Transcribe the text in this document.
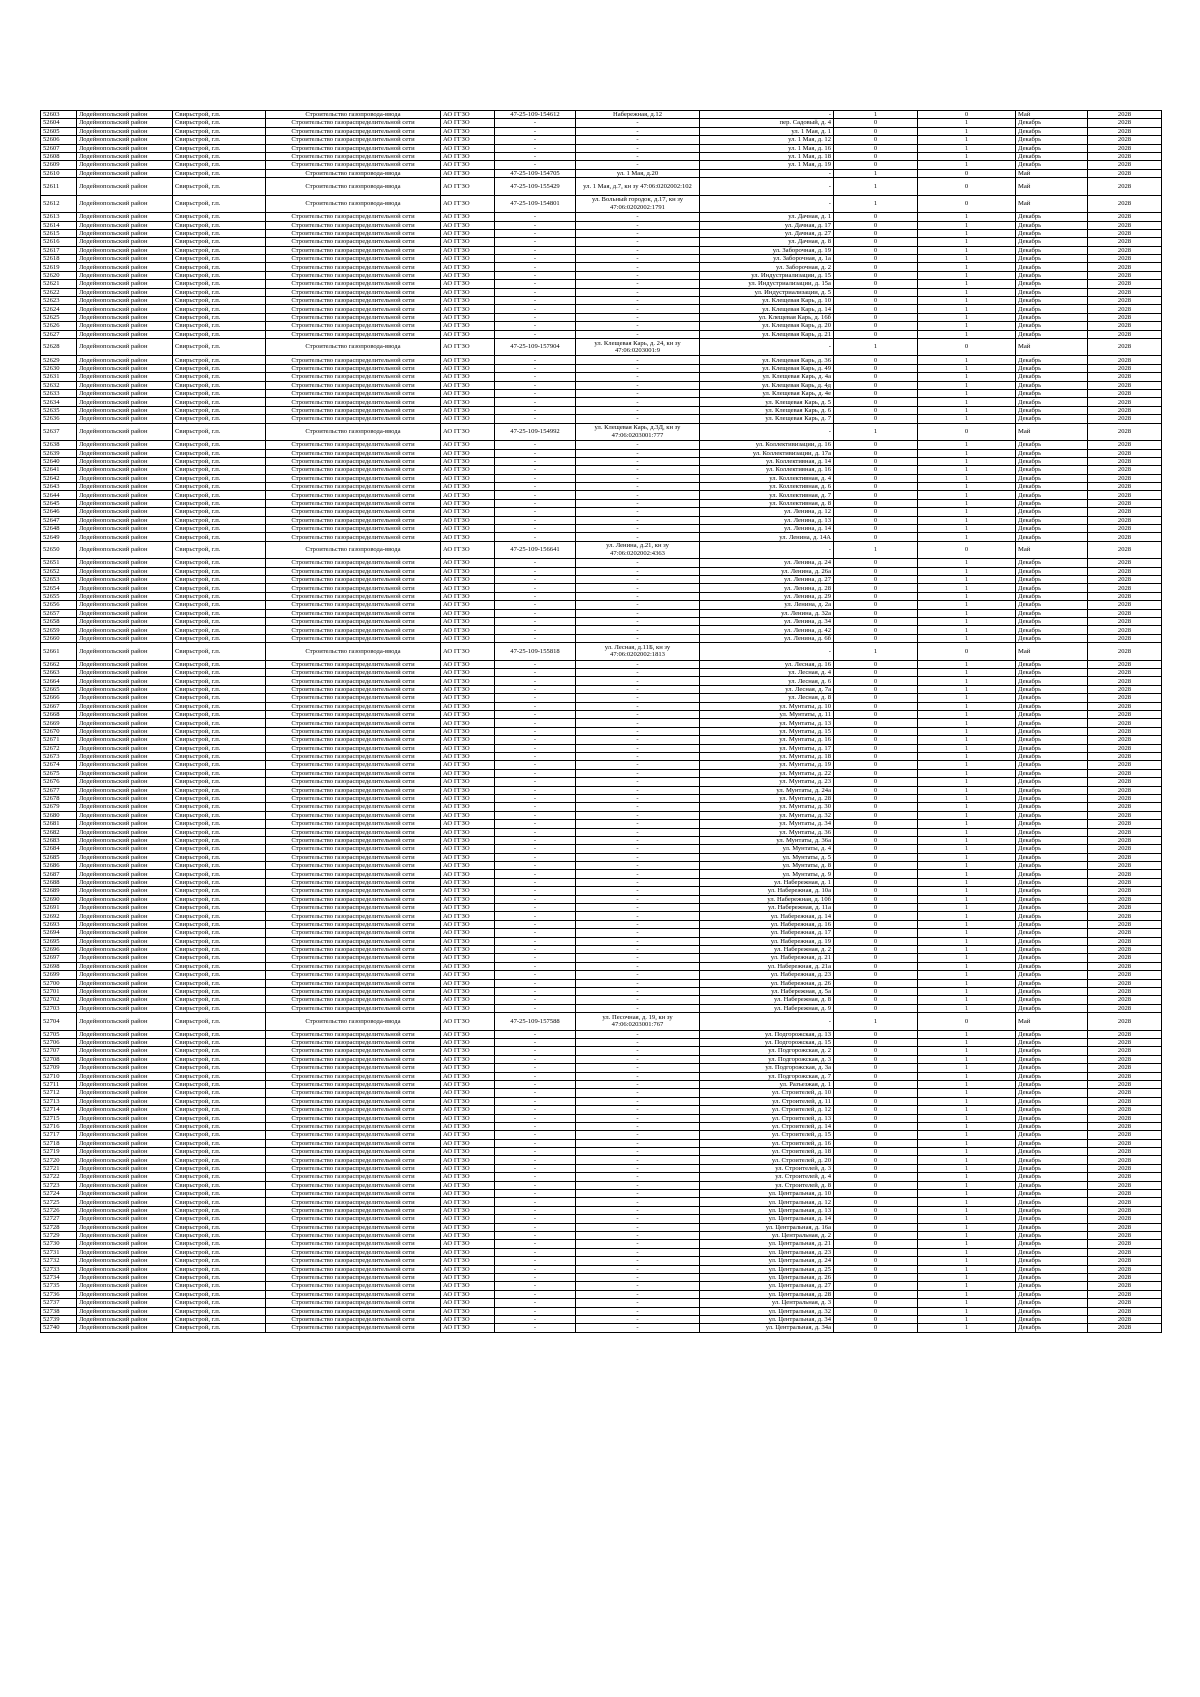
52603	Лодейнопольский район	Свирьстрой, г.п.	Строительство газопровода-ввода	АО ГГЗО	47-25-109-154612	Набережная, д.12	-	1	0	Май	2028
52604	Лодейнопольский район	Свирьстрой, г.п.	Строительство газораспределительной сети	АО ГГЗО	-	-	пер. Садовый, д. 4	0	1	Декабрь	2028
52605	Лодейнопольский район	Свирьстрой, г.п.	Строительство газораспределительной сети	АО ГГЗО	-	-	ул. 1 Мая, д. 1	0	1	Декабрь	2028
52606	Лодейнопольский район	Свирьстрой, г.п.	Строительство газораспределительной сети	АО ГГЗО	-	-	ул. 1 Мая, д. 12	0	1	Декабрь	2028
52607	Лодейнопольский район	Свирьстрой, г.п.	Строительство газораспределительной сети	АО ГГЗО	-	-	ул. 1 Мая, д. 16	0	1	Декабрь	2028
52608	Лодейнопольский район	Свирьстрой, г.п.	Строительство газораспределительной сети	АО ГГЗО	-	-	ул. 1 Мая, д. 18	0	1	Декабрь	2028
52609	Лодейнопольский район	Свирьстрой, г.п.	Строительство газораспределительной сети	АО ГГЗО	-	-	ул. 1 Мая, д. 19	0	1	Декабрь	2028
52610	Лодейнопольский район	Свирьстрой, г.п.	Строительство газопровода-ввода	АО ГГЗО	47-25-109-154705	ул. 1 Мая, д.20	-	1	0	Май	2028
52611	Лодейнопольский район	Свирьстрой, г.п.	Строительство газопровода-ввода	АО ГГЗО	47-25-109-155429	ул. 1 Мая, д.7, кн зу 47:06:0202002:102	-	1	0	Май	2028
52612	Лодейнопольский район	Свирьстрой, г.п.	Строительство газопровода-ввода	АО ГГЗО	47-25-109-154801	ул. Вольный городок, д.17, кн зу 47:06:0202002:1791	-	1	0	Май	2028
52613	Лодейнопольский район	Свирьстрой, г.п.	Строительство газораспределительной сети	АО ГГЗО	-	-	ул. Дачная, д. 1	0	1	Декабрь	2028
52614	Лодейнопольский район	Свирьстрой, г.п.	Строительство газораспределительной сети	АО ГГЗО	-	-	ул. Дачная, д. 17	0	1	Декабрь	2028
52615	Лодейнопольский район	Свирьстрой, г.п.	Строительство газораспределительной сети	АО ГГЗО	-	-	ул. Дачная, д. 27	0	1	Декабрь	2028
52616	Лодейнопольский район	Свирьстрой, г.п.	Строительство газораспределительной сети	АО ГГЗО	-	-	ул. Дачная, д. 8	0	1	Декабрь	2028
52617	Лодейнопольский район	Свирьстрой, г.п.	Строительство газораспределительной сети	АО ГГЗО	-	-	ул. Заборочная, д. 19	0	1	Декабрь	2028
52618	Лодейнопольский район	Свирьстрой, г.п.	Строительство газораспределительной сети	АО ГГЗО	-	-	ул. Заборочная, д. 1а	0	1	Декабрь	2028
52619	Лодейнопольский район	Свирьстрой, г.п.	Строительство газораспределительной сети	АО ГГЗО	-	-	ул. Заборочная, д. 2	0	1	Декабрь	2028
52620	Лодейнопольский район	Свирьстрой, г.п.	Строительство газораспределительной сети	АО ГГЗО	-	-	ул. Индустриализации, д. 15	0	1	Декабрь	2028
52621	Лодейнопольский район	Свирьстрой, г.п.	Строительство газораспределительной сети	АО ГГЗО	-	-	ул. Индустриализации, д. 15а	0	1	Декабрь	2028
52622	Лодейнопольский район	Свирьстрой, г.п.	Строительство газораспределительной сети	АО ГГЗО	-	-	ул. Индустриализации, д. 5	0	1	Декабрь	2028
52623	Лодейнопольский район	Свирьстрой, г.п.	Строительство газораспределительной сети	АО ГГЗО	-	-	ул. Клещевая Карь, д. 10	0	1	Декабрь	2028
52624	Лодейнопольский район	Свирьстрой, г.п.	Строительство газораспределительной сети	АО ГГЗО	-	-	ул. Клещевая Карь, д. 14	0	1	Декабрь	2028
52625	Лодейнопольский район	Свирьстрой, г.п.	Строительство газораспределительной сети	АО ГГЗО	-	-	ул. Клещевая Карь, д. 16б	0	1	Декабрь	2028
52626	Лодейнопольский район	Свирьстрой, г.п.	Строительство газораспределительной сети	АО ГГЗО	-	-	ул. Клещевая Карь, д. 20	0	1	Декабрь	2028
52627	Лодейнопольский район	Свирьстрой, г.п.	Строительство газораспределительной сети	АО ГГЗО	-	-	ул. Клещевая Карь, д. 21	0	1	Декабрь	2028
52628	Лодейнопольский район	Свирьстрой, г.п.	Строительство газопровода-ввода	АО ГГЗО	47-25-109-157904	ул. Клещевая Карь, д. 24, кн зу 47:06:0203001:9	-	1	0	Май	2028
52629	Лодейнопольский район	Свирьстрой, г.п.	Строительство газораспределительной сети	АО ГГЗО	-	-	ул. Клещевая Карь, д. 36	0	1	Декабрь	2028
52630	Лодейнопольский район	Свирьстрой, г.п.	Строительство газораспределительной сети	АО ГГЗО	-	-	ул. Клещевая Карь, д. 49	0	1	Декабрь	2028
52631	Лодейнопольский район	Свирьстрой, г.п.	Строительство газораспределительной сети	АО ГГЗО	-	-	ул. Клещевая Карь, д. 4а	0	1	Декабрь	2028
52632	Лодейнопольский район	Свирьстрой, г.п.	Строительство газораспределительной сети	АО ГГЗО	-	-	ул. Клещевая Карь, д. 4д	0	1	Декабрь	2028
52633	Лодейнопольский район	Свирьстрой, г.п.	Строительство газораспределительной сети	АО ГГЗО	-	-	ул. Клещевая Карь, д. 4е	0	1	Декабрь	2028
52634	Лодейнопольский район	Свирьстрой, г.п.	Строительство газораспределительной сети	АО ГГЗО	-	-	ул. Клещевая Карь, д. 5	0	1	Декабрь	2028
52635	Лодейнопольский район	Свирьстрой, г.п.	Строительство газораспределительной сети	АО ГГЗО	-	-	ул. Клещевая Карь, д. 6	0	1	Декабрь	2028
52636	Лодейнопольский район	Свирьстрой, г.п.	Строительство газораспределительной сети	АО ГГЗО	-	-	ул. Клещевая Карь, д. 7	0	1	Декабрь	2028
52637	Лодейнопольский район	Свирьстрой, г.п.	Строительство газопровода-ввода	АО ГГЗО	47-25-109-154992	ул. Клещевая Карь, д.3Д, кн зу 47:06:0203001:777	-	1	0	Май	2028
52638	Лодейнопольский район	Свирьстрой, г.п.	Строительство газораспределительной сети	АО ГГЗО	-	-	ул. Коллективизации, д. 16	0	1	Декабрь	2028
52639	Лодейнопольский район	Свирьстрой, г.п.	Строительство газораспределительной сети	АО ГГЗО	-	-	ул. Коллективизации, д. 17а	0	1	Декабрь	2028
52640	Лодейнопольский район	Свирьстрой, г.п.	Строительство газораспределительной сети	АО ГГЗО	-	-	ул. Коллективная, д. 14	0	1	Декабрь	2028
52641	Лодейнопольский район	Свирьстрой, г.п.	Строительство газораспределительной сети	АО ГГЗО	-	-	ул. Коллективная, д. 16	0	1	Декабрь	2028
52642	Лодейнопольский район	Свирьстрой, г.п.	Строительство газораспределительной сети	АО ГГЗО	-	-	ул. Коллективная, д. 4	0	1	Декабрь	2028
52643	Лодейнопольский район	Свирьстрой, г.п.	Строительство газораспределительной сети	АО ГГЗО	-	-	ул. Коллективная, д. 6	0	1	Декабрь	2028
52644	Лодейнопольский район	Свирьстрой, г.п.	Строительство газораспределительной сети	АО ГГЗО	-	-	ул. Коллективная, д. 7	0	1	Декабрь	2028
52645	Лодейнопольский район	Свирьстрой, г.п.	Строительство газораспределительной сети	АО ГГЗО	-	-	ул. Коллективная, д. 8	0	1	Декабрь	2028
52646	Лодейнопольский район	Свирьстрой, г.п.	Строительство газораспределительной сети	АО ГГЗО	-	-	ул. Ленина, д. 12	0	1	Декабрь	2028
52647	Лодейнопольский район	Свирьстрой, г.п.	Строительство газораспределительной сети	АО ГГЗО	-	-	ул. Ленина, д. 13	0	1	Декабрь	2028
52648	Лодейнопольский район	Свирьстрой, г.п.	Строительство газораспределительной сети	АО ГГЗО	-	-	ул. Ленина, д. 14	0	1	Декабрь	2028
52649	Лодейнопольский район	Свирьстрой, г.п.	Строительство газораспределительной сети	АО ГГЗО	-	-	ул. Ленина, д. 14А	0	1	Декабрь	2028
52650	Лодейнопольский район	Свирьстрой, г.п.	Строительство газопровода-ввода	АО ГГЗО	47-25-109-156641	ул. Ленина, д.21, кн зу 47:06:0202002:4363	-	1	0	Май	2028
52651	Лодейнопольский район	Свирьстрой, г.п.	Строительство газораспределительной сети	АО ГГЗО	-	-	ул. Ленина, д. 24	0	1	Декабрь	2028
52652	Лодейнопольский район	Свирьстрой, г.п.	Строительство газораспределительной сети	АО ГГЗО	-	-	ул. Ленина, д. 26а	0	1	Декабрь	2028
52653	Лодейнопольский район	Свирьстрой, г.п.	Строительство газораспределительной сети	АО ГГЗО	-	-	ул. Ленина, д. 27	0	1	Декабрь	2028
52654	Лодейнопольский район	Свирьстрой, г.п.	Строительство газораспределительной сети	АО ГГЗО	-	-	ул. Ленина, д. 28	0	1	Декабрь	2028
52655	Лодейнопольский район	Свирьстрой, г.п.	Строительство газораспределительной сети	АО ГГЗО	-	-	ул. Ленина, д. 29	0	1	Декабрь	2028
52656	Лодейнопольский район	Свирьстрой, г.п.	Строительство газораспределительной сети	АО ГГЗО	-	-	ул. Ленина, д. 2а	0	1	Декабрь	2028
52657	Лодейнопольский район	Свирьстрой, г.п.	Строительство газораспределительной сети	АО ГГЗО	-	-	ул. Ленина, д. 32а	0	1	Декабрь	2028
52658	Лодейнопольский район	Свирьстрой, г.п.	Строительство газораспределительной сети	АО ГГЗО	-	-	ул. Ленина, д. 34	0	1	Декабрь	2028
52659	Лодейнопольский район	Свирьстрой, г.п.	Строительство газораспределительной сети	АО ГГЗО	-	-	ул. Ленина, д. 42	0	1	Декабрь	2028
52660	Лодейнопольский район	Свирьстрой, г.п.	Строительство газораспределительной сети	АО ГГЗО	-	-	ул. Ленина, д. 6б	0	1	Декабрь	2028
52661	Лодейнопольский район	Свирьстрой, г.п.	Строительство газопровода-ввода	АО ГГЗО	47-25-109-155818	ул. Лесная, д.11Б, кн зу 47:06:0202002:1813	-	1	0	Май	2028
52662	Лодейнопольский район	Свирьстрой, г.п.	Строительство газораспределительной сети	АО ГГЗО	-	-	ул. Лесная, д. 16	0	1	Декабрь	2028
52663	Лодейнопольский район	Свирьстрой, г.п.	Строительство газораспределительной сети	АО ГГЗО	-	-	ул. Лесная, д. 4	0	1	Декабрь	2028
52664	Лодейнопольский район	Свирьстрой, г.п.	Строительство газораспределительной сети	АО ГГЗО	-	-	ул. Лесная, д. 6	0	1	Декабрь	2028
52665	Лодейнопольский район	Свирьстрой, г.п.	Строительство газораспределительной сети	АО ГГЗО	-	-	ул. Лесная, д. 7а	0	1	Декабрь	2028
52666	Лодейнопольский район	Свирьстрой, г.п.	Строительство газораспределительной сети	АО ГГЗО	-	-	ул. Лесная, д. 8	0	1	Декабрь	2028
52667	Лодейнопольский район	Свирьстрой, г.п.	Строительство газораспределительной сети	АО ГГЗО	-	-	ул. Мунтаты, д. 10	0	1	Декабрь	2028
52668	Лодейнопольский район	Свирьстрой, г.п.	Строительство газораспределительной сети	АО ГГЗО	-	-	ул. Мунтаты, д. 11	0	1	Декабрь	2028
52669	Лодейнопольский район	Свирьстрой, г.п.	Строительство газораспределительной сети	АО ГГЗО	-	-	ул. Мунтаты, д. 13	0	1	Декабрь	2028
52670	Лодейнопольский район	Свирьстрой, г.п.	Строительство газораспределительной сети	АО ГГЗО	-	-	ул. Мунтаты, д. 15	0	1	Декабрь	2028
52671	Лодейнопольский район	Свирьстрой, г.п.	Строительство газораспределительной сети	АО ГГЗО	-	-	ул. Мунтаты, д. 16	0	1	Декабрь	2028
52672	Лодейнопольский район	Свирьстрой, г.п.	Строительство газораспределительной сети	АО ГГЗО	-	-	ул. Мунтаты, д. 17	0	1	Декабрь	2028
52673	Лодейнопольский район	Свирьстрой, г.п.	Строительство газораспределительной сети	АО ГГЗО	-	-	ул. Мунтаты, д. 18	0	1	Декабрь	2028
52674	Лодейнопольский район	Свирьстрой, г.п.	Строительство газораспределительной сети	АО ГГЗО	-	-	ул. Мунтаты, д. 19	0	1	Декабрь	2028
52675	Лодейнопольский район	Свирьстрой, г.п.	Строительство газораспределительной сети	АО ГГЗО	-	-	ул. Мунтаты, д. 22	0	1	Декабрь	2028
52676	Лодейнопольский район	Свирьстрой, г.п.	Строительство газораспределительной сети	АО ГГЗО	-	-	ул. Мунтаты, д. 23	0	1	Декабрь	2028
52677	Лодейнопольский район	Свирьстрой, г.п.	Строительство газораспределительной сети	АО ГГЗО	-	-	ул. Мунтаты, д. 24а	0	1	Декабрь	2028
52678	Лодейнопольский район	Свирьстрой, г.п.	Строительство газораспределительной сети	АО ГГЗО	-	-	ул. Мунтаты, д. 28	0	1	Декабрь	2028
52679	Лодейнопольский район	Свирьстрой, г.п.	Строительство газораспределительной сети	АО ГГЗО	-	-	ул. Мунтаты, д. 30	0	1	Декабрь	2028
52680	Лодейнопольский район	Свирьстрой, г.п.	Строительство газораспределительной сети	АО ГГЗО	-	-	ул. Мунтаты, д. 32	0	1	Декабрь	2028
52681	Лодейнопольский район	Свирьстрой, г.п.	Строительство газораспределительной сети	АО ГГЗО	-	-	ул. Мунтаты, д. 34	0	1	Декабрь	2028
52682	Лодейнопольский район	Свирьстрой, г.п.	Строительство газораспределительной сети	АО ГГЗО	-	-	ул. Мунтаты, д. 36	0	1	Декабрь	2028
52683	Лодейнопольский район	Свирьстрой, г.п.	Строительство газораспределительной сети	АО ГГЗО	-	-	ул. Мунтаты, д. 36а	0	1	Декабрь	2028
52684	Лодейнопольский район	Свирьстрой, г.п.	Строительство газораспределительной сети	АО ГГЗО	-	-	ул. Мунтаты, д. 4	0	1	Декабрь	2028
52685	Лодейнопольский район	Свирьстрой, г.п.	Строительство газораспределительной сети	АО ГГЗО	-	-	ул. Мунтаты, д. 5	0	1	Декабрь	2028
52686	Лодейнопольский район	Свирьстрой, г.п.	Строительство газораспределительной сети	АО ГГЗО	-	-	ул. Мунтаты, д. 8	0	1	Декабрь	2028
52687	Лодейнопольский район	Свирьстрой, г.п.	Строительство газораспределительной сети	АО ГГЗО	-	-	ул. Мунтаты, д. 9	0	1	Декабрь	2028
52688	Лодейнопольский район	Свирьстрой, г.п.	Строительство газораспределительной сети	АО ГГЗО	-	-	ул. Набережная, д. 1	0	1	Декабрь	2028
52689	Лодейнопольский район	Свирьстрой, г.п.	Строительство газораспределительной сети	АО ГГЗО	-	-	ул. Набережная, д. 10а	0	1	Декабрь	2028
52690	Лодейнопольский район	Свирьстрой, г.п.	Строительство газораспределительной сети	АО ГГЗО	-	-	ул. Набережная, д. 10б	0	1	Декабрь	2028
52691	Лодейнопольский район	Свирьстрой, г.п.	Строительство газораспределительной сети	АО ГГЗО	-	-	ул. Набережная, д. 11а	0	1	Декабрь	2028
52692	Лодейнопольский район	Свирьстрой, г.п.	Строительство газораспределительной сети	АО ГГЗО	-	-	ул. Набережная, д. 14	0	1	Декабрь	2028
52693	Лодейнопольский район	Свирьстрой, г.п.	Строительство газораспределительной сети	АО ГГЗО	-	-	ул. Набережная, д. 16	0	1	Декабрь	2028
52694	Лодейнопольский район	Свирьстрой, г.п.	Строительство газораспределительной сети	АО ГГЗО	-	-	ул. Набережная, д. 17	0	1	Декабрь	2028
52695	Лодейнопольский район	Свирьстрой, г.п.	Строительство газораспределительной сети	АО ГГЗО	-	-	ул. Набережная, д. 19	0	1	Декабрь	2028
52696	Лодейнопольский район	Свирьстрой, г.п.	Строительство газораспределительной сети	АО ГГЗО	-	-	ул. Набережная, д. 2	0	1	Декабрь	2028
52697	Лодейнопольский район	Свирьстрой, г.п.	Строительство газораспределительной сети	АО ГГЗО	-	-	ул. Набережная, д. 21	0	1	Декабрь	2028
52698	Лодейнопольский район	Свирьстрой, г.п.	Строительство газораспределительной сети	АО ГГЗО	-	-	ул. Набережная, д. 21а	0	1	Декабрь	2028
52699	Лодейнопольский район	Свирьстрой, г.п.	Строительство газораспределительной сети	АО ГГЗО	-	-	ул. Набережная, д. 23	0	1	Декабрь	2028
52700	Лодейнопольский район	Свирьстрой, г.п.	Строительство газораспределительной сети	АО ГГЗО	-	-	ул. Набережная, д. 26	0	1	Декабрь	2028
52701	Лодейнопольский район	Свирьстрой, г.п.	Строительство газораспределительной сети	АО ГГЗО	-	-	ул. Набережная, д. 5а	0	1	Декабрь	2028
52702	Лодейнопольский район	Свирьстрой, г.п.	Строительство газораспределительной сети	АО ГГЗО	-	-	ул. Набережная, д. 8	0	1	Декабрь	2028
52703	Лодейнопольский район	Свирьстрой, г.п.	Строительство газораспределительной сети	АО ГГЗО	-	-	ул. Набережная, д. 9	0	1	Декабрь	2028
52704	Лодейнопольский район	Свирьстрой, г.п.	Строительство газопровода-ввода	АО ГГЗО	47-25-109-157588	ул. Песочная, д. 19, кн зу 47:06:0203001:767	-	1	0	Май	2028
52705	Лодейнопольский район	Свирьстрой, г.п.	Строительство газораспределительной сети	АО ГГЗО	-	-	ул. Подгорожская, д. 13	0	1	Декабрь	2028
52706	Лодейнопольский район	Свирьстрой, г.п.	Строительство газораспределительной сети	АО ГГЗО	-	-	ул. Подгорожская, д. 15	0	1	Декабрь	2028
52707	Лодейнопольский район	Свирьстрой, г.п.	Строительство газораспределительной сети	АО ГГЗО	-	-	ул. Подгорожская, д. 2	0	1	Декабрь	2028
52708	Лодейнопольский район	Свирьстрой, г.п.	Строительство газораспределительной сети	АО ГГЗО	-	-	ул. Подгорожская, д. 3	0	1	Декабрь	2028
52709	Лодейнопольский район	Свирьстрой, г.п.	Строительство газораспределительной сети	АО ГГЗО	-	-	ул. Подгорожская, д. 3а	0	1	Декабрь	2028
52710	Лодейнопольский район	Свирьстрой, г.п.	Строительство газораспределительной сети	АО ГГЗО	-	-	ул. Подгорожская, д. 7	0	1	Декабрь	2028
52711	Лодейнопольский район	Свирьстрой, г.п.	Строительство газораспределительной сети	АО ГГЗО	-	-	ул. Разъезжая, д. 1	0	1	Декабрь	2028
52712	Лодейнопольский район	Свирьстрой, г.п.	Строительство газораспределительной сети	АО ГГЗО	-	-	ул. Строителей, д. 10	0	1	Декабрь	2028
52713	Лодейнопольский район	Свирьстрой, г.п.	Строительство газораспределительной сети	АО ГГЗО	-	-	ул. Строителей, д. 11	0	1	Декабрь	2028
52714	Лодейнопольский район	Свирьстрой, г.п.	Строительство газораспределительной сети	АО ГГЗО	-	-	ул. Строителей, д. 12	0	1	Декабрь	2028
52715	Лодейнопольский район	Свирьстрой, г.п.	Строительство газораспределительной сети	АО ГГЗО	-	-	ул. Строителей, д. 13	0	1	Декабрь	2028
52716	Лодейнопольский район	Свирьстрой, г.п.	Строительство газораспределительной сети	АО ГГЗО	-	-	ул. Строителей, д. 14	0	1	Декабрь	2028
52717	Лодейнопольский район	Свирьстрой, г.п.	Строительство газораспределительной сети	АО ГГЗО	-	-	ул. Строителей, д. 15	0	1	Декабрь	2028
52718	Лодейнопольский район	Свирьстрой, г.п.	Строительство газораспределительной сети	АО ГГЗО	-	-	ул. Строителей, д. 16	0	1	Декабрь	2028
52719	Лодейнопольский район	Свирьстрой, г.п.	Строительство газораспределительной сети	АО ГГЗО	-	-	ул. Строителей, д. 18	0	1	Декабрь	2028
52720	Лодейнопольский район	Свирьстрой, г.п.	Строительство газораспределительной сети	АО ГГЗО	-	-	ул. Строителей, д. 20	0	1	Декабрь	2028
52721	Лодейнопольский район	Свирьстрой, г.п.	Строительство газораспределительной сети	АО ГГЗО	-	-	ул. Строителей, д. 3	0	1	Декабрь	2028
52722	Лодейнопольский район	Свирьстрой, г.п.	Строительство газораспределительной сети	АО ГГЗО	-	-	ул. Строителей, д. 4	0	1	Декабрь	2028
52723	Лодейнопольский район	Свирьстрой, г.п.	Строительство газораспределительной сети	АО ГГЗО	-	-	ул. Строителей, д. 8	0	1	Декабрь	2028
52724	Лодейнопольский район	Свирьстрой, г.п.	Строительство газораспределительной сети	АО ГГЗО	-	-	ул. Центральная, д. 10	0	1	Декабрь	2028
52725	Лодейнопольский район	Свирьстрой, г.п.	Строительство газораспределительной сети	АО ГГЗО	-	-	ул. Центральная, д. 12	0	1	Декабрь	2028
52726	Лодейнопольский район	Свирьстрой, г.п.	Строительство газораспределительной сети	АО ГГЗО	-	-	ул. Центральная, д. 13	0	1	Декабрь	2028
52727	Лодейнопольский район	Свирьстрой, г.п.	Строительство газораспределительной сети	АО ГГЗО	-	-	ул. Центральная, д. 14	0	1	Декабрь	2028
52728	Лодейнопольский район	Свирьстрой, г.п.	Строительство газораспределительной сети	АО ГГЗО	-	-	ул. Центральная, д. 16а	0	1	Декабрь	2028
52729	Лодейнопольский район	Свирьстрой, г.п.	Строительство газораспределительной сети	АО ГГЗО	-	-	ул. Центральная, д. 2	0	1	Декабрь	2028
52730	Лодейнопольский район	Свирьстрой, г.п.	Строительство газораспределительной сети	АО ГГЗО	-	-	ул. Центральная, д. 21	0	1	Декабрь	2028
52731	Лодейнопольский район	Свирьстрой, г.п.	Строительство газораспределительной сети	АО ГГЗО	-	-	ул. Центральная, д. 23	0	1	Декабрь	2028
52732	Лодейнопольский район	Свирьстрой, г.п.	Строительство газораспределительной сети	АО ГГЗО	-	-	ул. Центральная, д. 24	0	1	Декабрь	2028
52733	Лодейнопольский район	Свирьстрой, г.п.	Строительство газораспределительной сети	АО ГГЗО	-	-	ул. Центральная, д. 25	0	1	Декабрь	2028
52734	Лодейнопольский район	Свирьстрой, г.п.	Строительство газораспределительной сети	АО ГГЗО	-	-	ул. Центральная, д. 26	0	1	Декабрь	2028
52735	Лодейнопольский район	Свирьстрой, г.п.	Строительство газораспределительной сети	АО ГГЗО	-	-	ул. Центральная, д. 27	0	1	Декабрь	2028
52736	Лодейнопольский район	Свирьстрой, г.п.	Строительство газораспределительной сети	АО ГГЗО	-	-	ул. Центральная, д. 28	0	1	Декабрь	2028
52737	Лодейнопольский район	Свирьстрой, г.п.	Строительство газораспределительной сети	АО ГГЗО	-	-	ул. Центральная, д. 3	0	1	Декабрь	2028
52738	Лодейнопольский район	Свирьстрой, г.п.	Строительство газораспределительной сети	АО ГГЗО	-	-	ул. Центральная, д. 32	0	1	Декабрь	2028
52739	Лодейнопольский район	Свирьстрой, г.п.	Строительство газораспределительной сети	АО ГГЗО	-	-	ул. Центральная, д. 34	0	1	Декабрь	2028
52740	Лодейнопольский район	Свирьстрой, г.п.	Строительство газораспределительной сети	АО ГГЗО	-	-	ул. Центральная, д. 34а	0	1	Декабрь	2028
